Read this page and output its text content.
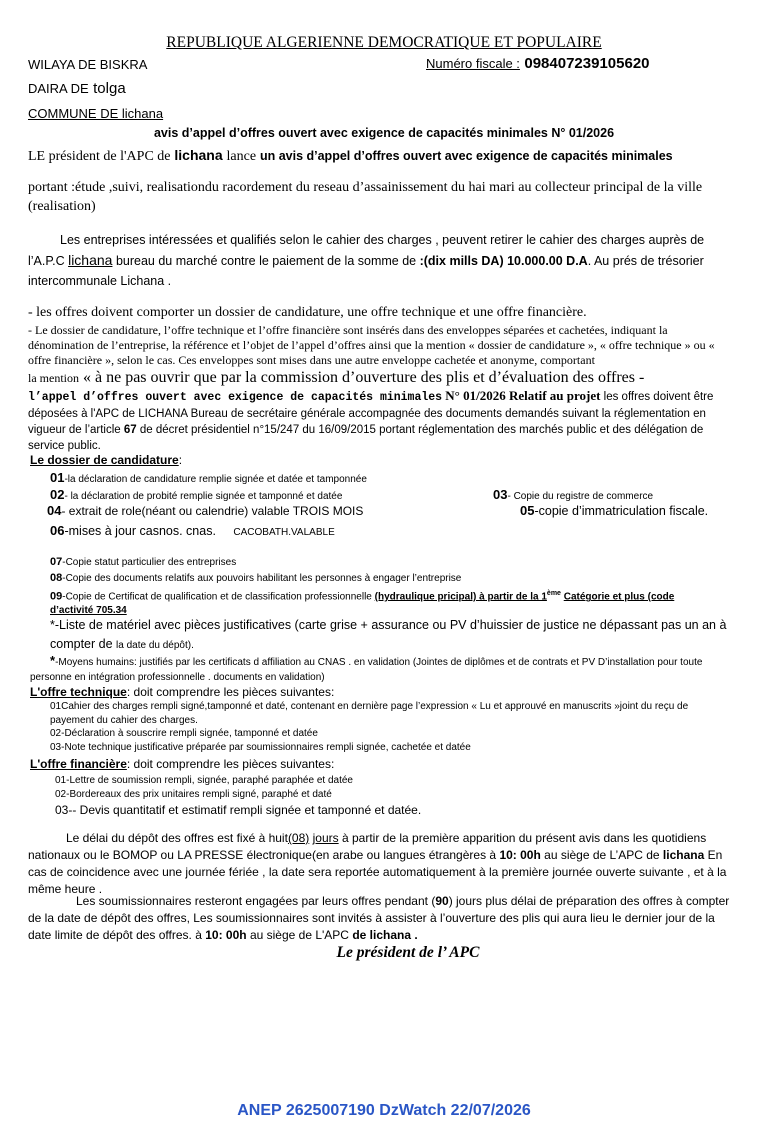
REPUBLIQUE ALGERIENNE DEMOCRATIQUE ET POPULAIRE
WILAYA DE BISKRA	Numéro fiscale : 098407239105620
DAIRA DE tolga
COMMUNE DE lichana
avis d’appel d’offres ouvert avec exigence de capacités minimales N° 01/2026
LE président de l'APC de lichana lance un avis d’appel d’offres ouvert avec exigence de capacités minimales
portant :étude ,suivi, realisationdu racordement du reseau d’assainissement du hai mari au collecteur principal de la ville (realisation)
Les entreprises intéressées et qualifiés selon le cahier des charges , peuvent retirer le cahier des charges auprès de l’A.P.C lichana bureau du marché contre le paiement de la somme de :(dix mills DA) 10.000.00 D.A. Au prés de trésorier intercommunale Lichana .
- les offres doivent comporter un dossier de candidature, une offre technique et une offre financière.
- Le dossier de candidature, l’offre technique et l’offre financière sont insérés dans des enveloppes séparées et cachetées, indiquant la dénomination de l’entreprise, la référence et l’objet de l’appel d’offres ainsi que la mention « dossier de candidature », « offre technique » ou « offre financière », selon le cas. Ces enveloppes sont mises dans une autre enveloppe cachetée et anonyme, comportant
la mention « à ne pas ouvrir que par la commission d’ouverture des plis et d’évaluation des offres -
l’appel d’offres ouvert avec exigence de capacités minimales N° 01/2026 Relatif au projet les offres doivent être déposées à l'APC de LICHANA Bureau de secrétaire générale accompagnée des documents demandés suivant la réglementation en vigueur de l’article 67 de décret présidentiel n°15/247 du 16/09/2015 portant réglementation des marchés public et des délégation de service public.
Le dossier de candidature:
01-la déclaration de candidature remplie signée et datée et tamponnée
02- la déclaration de probité remplie signée et tamponné et datée	03- Copie du registre de commerce
04- extrait de role(néant ou calendrie) valable TROIS MOIS	05-copie d’immatriculation fiscale.
06-mises à jour casnos. cnas. CACOBATH.VALABLE
07-Copie statut particulier des entreprises
08-Copie des documents relatifs aux pouvoirs habilitant les personnes à engager l’entreprise
09-Copie de Certificat de qualification et de classification professionnelle (hydraulique pricipal) à partir de la 1ème Catégorie et plus (code d’activité 705.34
*-Liste de matériel avec pièces justificatives (carte grise + assurance ou PV d’huissier de justice ne dépassant pas un an à compter de la date du dépôt).
*-Moyens humains: justifiés par les certificats d affiliation au CNAS . en validation (Jointes de diplômes et de contrats et PV D’installation pour toute personne en intégration professionnelle . documents en validation)
L'offre technique: doit comprendre les pièces suivantes:
01Cahier des charges rempli signé,tamponné et daté, contenant en dernière page l’expression « Lu et approuvé en manuscrits »joint du reçu de payement du cahier des charges.
02-Déclaration à souscrire rempli signée, tamponné et datée
03-Note technique justificative préparée par soumissionnaires rempli signée, cachetée et datée
L'offre financière: doit comprendre les pièces suivantes:
01-Lettre de soumission rempli, signée, paraphé paraphée et datée
02-Bordereaux des prix unitaires rempli signé, paraphé et daté
03-- Devis quantitatif et estimatif rempli signée et tamponné et datée.
Le délai du dépôt des offres est fixé à huit(08) jours à partir de la première apparition du présent avis dans les quotidiens nationaux ou le BOMOP ou LA PRESSE électronique(en arabe ou langues étrangères à 10: 00h au siège de L’APC de lichana En cas de coincidence avec une journée fériée , la date sera reportée automatiquement à la première journée ouverte suivante , et à la même heure .
Les soumissionnaires resteront engagées par leurs offres pendant (90) jours plus délai de préparation des offres à compter de la date de dépôt des offres, Les soumissionnaires sont invités à assister à l’ouverture des plis qui aura lieu le dernier jour de la date limite de dépôt des offres. à 10: 00h au siège de L'APC de lichana .
Le président de l’ APC
ANEP 2625007190 DzWatch 22/07/2026
